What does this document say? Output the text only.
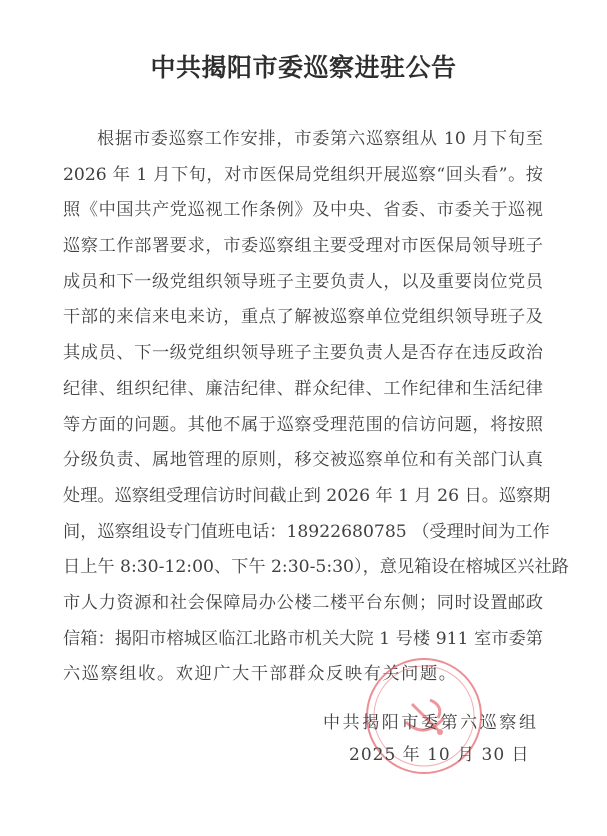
中共揭阳市委巡察进驻公告
根据市委巡察工作安排，市委第六巡察组从 10 月下旬至
2026 年 1 月下旬，对市医保局党组织开展巡察“回头看”。按
照《中国共产党巡视工作条例》及中央、省委、市委关于巡视
巡察工作部署要求，市委巡察组主要受理对市医保局领导班子
成员和下一级党组织领导班子主要负责人，以及重要岗位党员
干部的来信来电来访，重点了解被巡察单位党组织领导班子及
其成员、下一级党组织领导班子主要负责人是否存在违反政治
纪律、组织纪律、廉洁纪律、群众纪律、工作纪律和生活纪律
等方面的问题。其他不属于巡察受理范围的信访问题，将按照
分级负责、属地管理的原则，移交被巡察单位和有关部门认真
处理。巡察组受理信访时间截止到 2026 年 1 月 26 日。巡察期
间，巡察组设专门值班电话：18922680785 （受理时间为工作
日上午 8:30-12:00、下午 2:30-5:30），意见箱设在榕城区兴社路
市人力资源和社会保障局办公楼二楼平台东侧；同时设置邮政
信箱：揭阳市榕城区临江北路市机关大院 1 号楼 911 室市委第
六巡察组收。欢迎广大干部群众反映有关问题。
中共揭阳市委第六巡察组
2025 年 10 月 30 日
